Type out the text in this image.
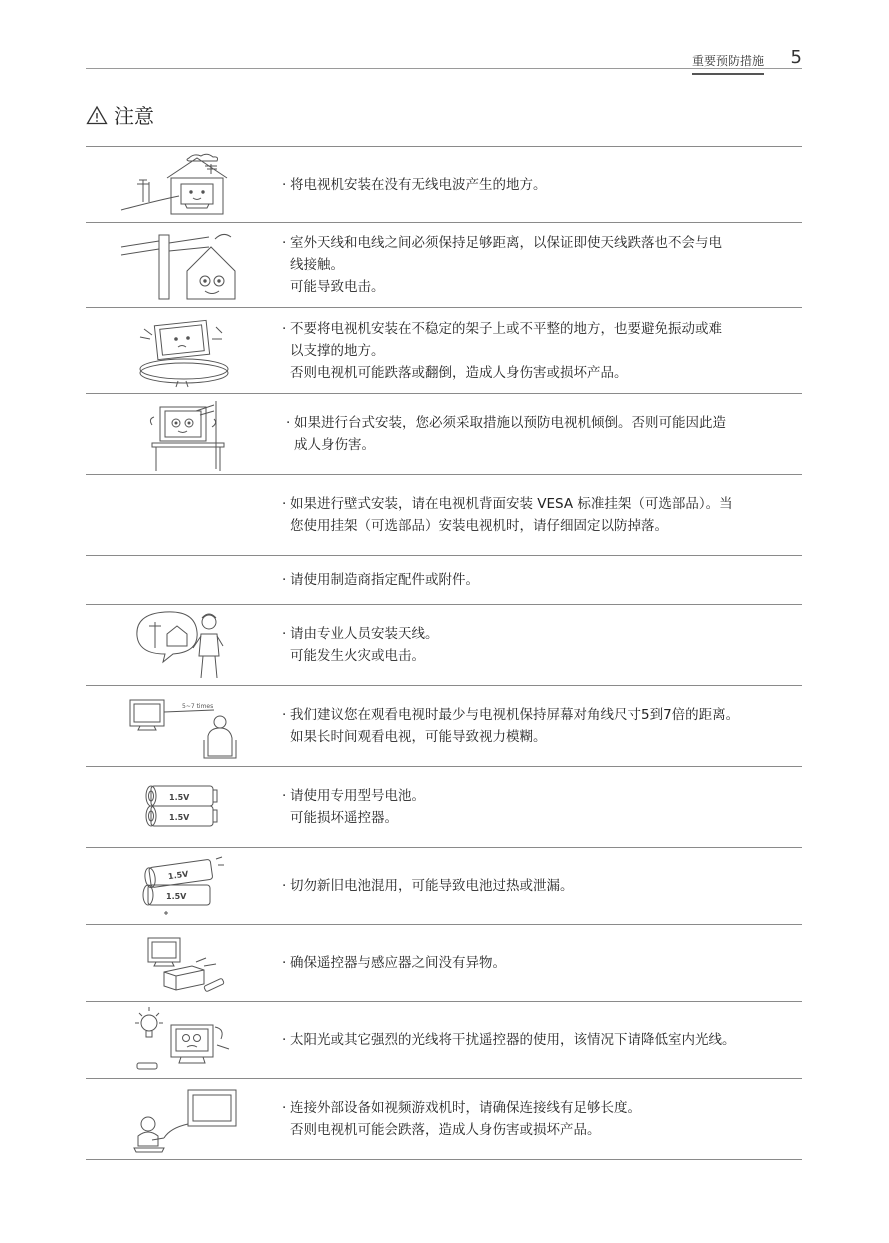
重要预防措施 5
注意
· 将电视机安装在没有无线电波产生的地方。
· 室外天线和电线之间必须保持足够距离，以保证即使天线跌落也不会与电
线接触。
可能导致电击。
· 不要将电视机安装在不稳定的架子上或不平整的地方，也要避免振动或难
以支撑的地方。
否则电视机可能跌落或翻倒，造成人身伤害或损坏产品。
· 如果进行台式安装，您必须采取措施以预防电视机倾倒。否则可能因此造
成人身伤害。
· 如果进行壁式安装，请在电视机背面安装 VESA 标准挂架（可选部品）。当
您使用挂架（可选部品）安装电视机时，请仔细固定以防掉落。
· 请使用制造商指定配件或附件。
· 请由专业人员安装天线。
可能发生火灾或电击。
5~7 times
· 我们建议您在观看电视时最少与电视机保持屏幕对角线尺寸5到7倍的距离。
如果长时间观看电视，可能导致视力模糊。
1.5V
1.5V
· 请使用专用型号电池。
可能损坏遥控器。
1.5V
1.5V
· 切勿新旧电池混用，可能导致电池过热或泄漏。
· 确保遥控器与感应器之间没有异物。
· 太阳光或其它强烈的光线将干扰遥控器的使用，该情况下请降低室内光线。
· 连接外部设备如视频游戏机时，请确保连接线有足够长度。
否则电视机可能会跌落，造成人身伤害或损坏产品。
